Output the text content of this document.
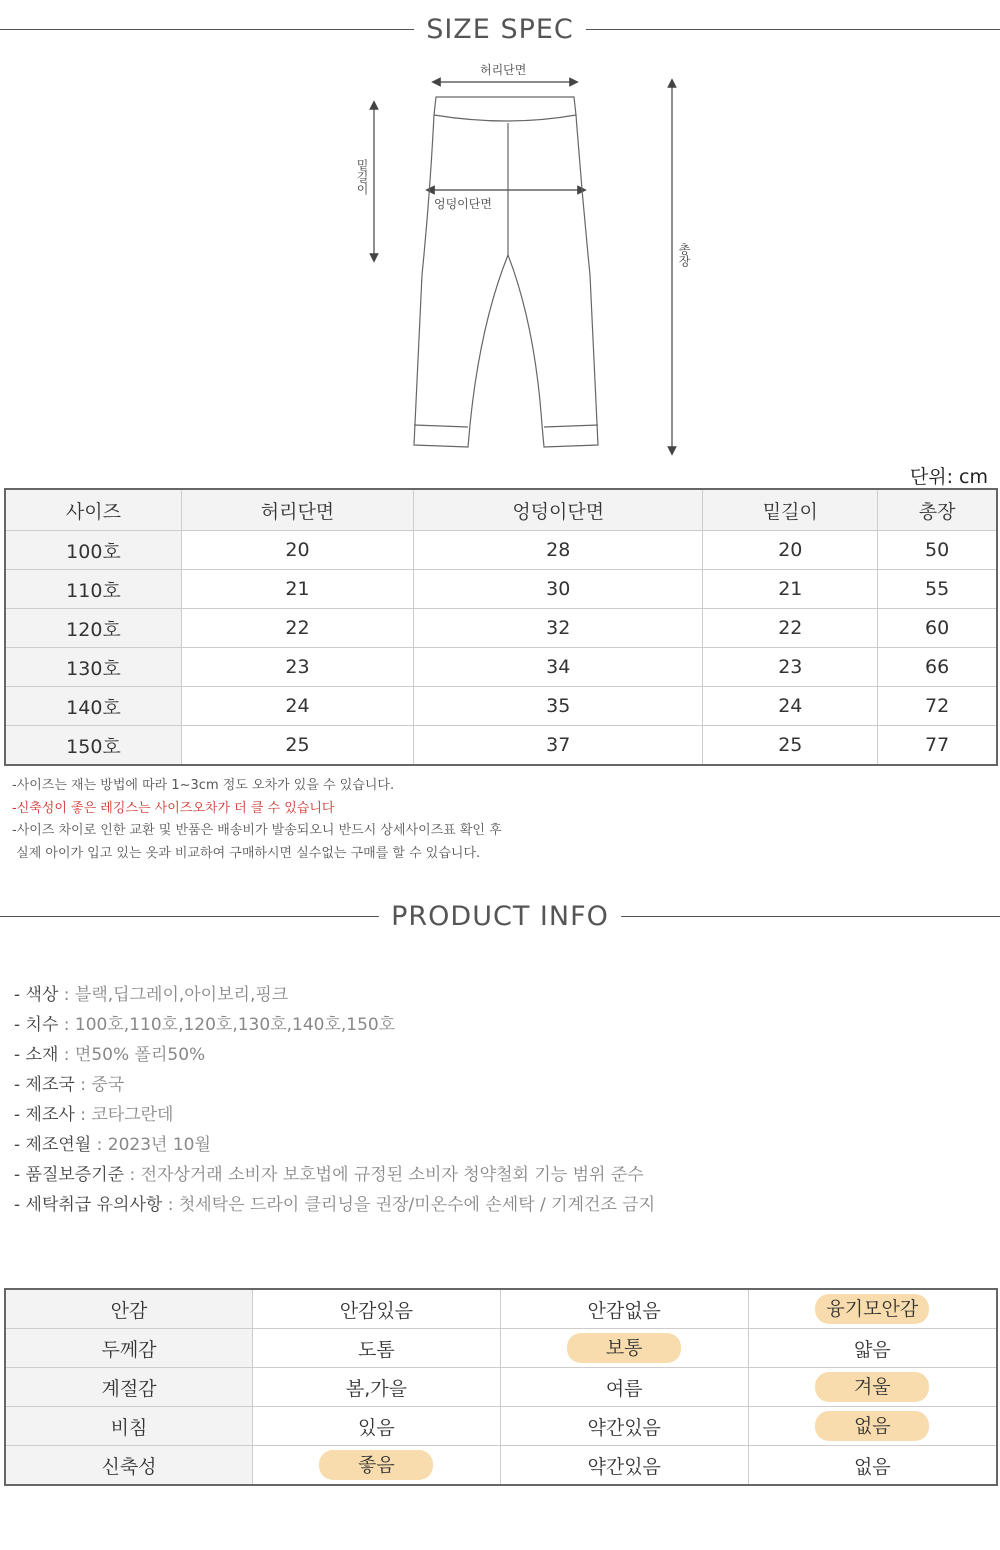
SIZE SPEC
허리단면
밑길이
엉덩이단면
총장
단위: cm
사이즈	허리단면	엉덩이단면	밑길이	총장
100호	20	28	20	50
110호	21	30	21	55
120호	22	32	22	60
130호	23	34	23	66
140호	24	35	24	72
150호	25	37	25	77
-사이즈는 재는 방법에 따라 1~3cm 정도 오차가 있을 수 있습니다.
-신축성이 좋은 레깅스는 사이즈오차가 더 클 수 있습니다
-사이즈 차이로 인한 교환 및 반품은 배송비가 발송되오니 반드시 상세사이즈표 확인 후
실제 아이가 입고 있는 옷과 비교하여 구매하시면 실수없는 구매를 할 수 있습니다.
PRODUCT INFO
- 색상 : 블랙,딥그레이,아이보리,핑크
- 치수 : 100호,110호,120호,130호,140호,150호
- 소재 : 면50% 폴리50%
- 제조국 : 중국
- 제조사 : 코타그란데
- 제조연월 : 2023년 10월
- 품질보증기준 : 전자상거래 소비자 보호법에 규정된 소비자 청약철회 기능 범위 준수
- 세탁취급 유의사항 : 첫세탁은 드라이 클리닝을 권장/미온수에 손세탁 / 기계건조 금지
안감	안감있음	안감없음	융기모안감
두께감	도톰	보통	얇음
계절감	봄,가을	여름	겨울
비침	있음	약간있음	없음
신축성	좋음	약간있음	없음
